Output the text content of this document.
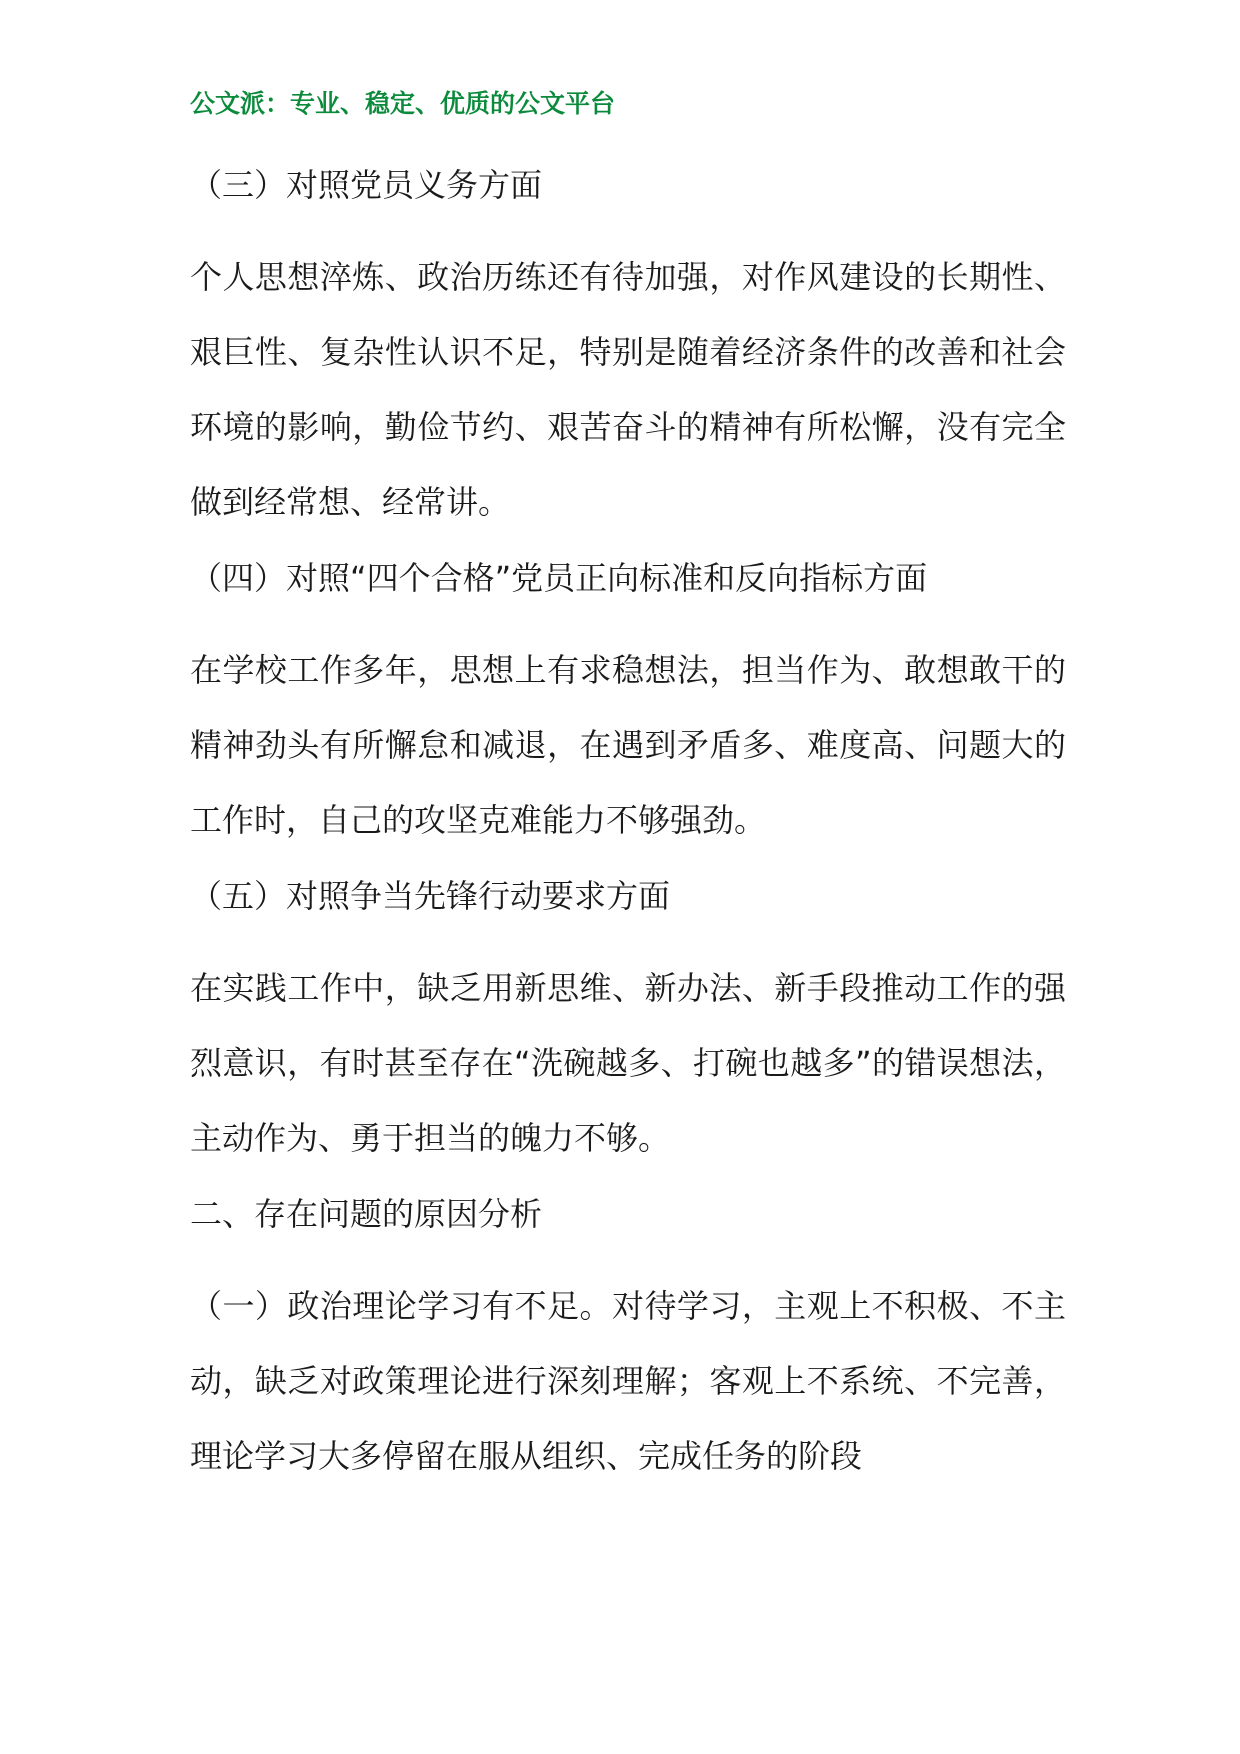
公文派：专业、稳定、优质的公文平台
（三）对照党员义务方面
个人思想淬炼、政治历练还有待加强，对作风建设的长期性、艰巨性、复杂性认识不足，特别是随着经济条件的改善和社会环境的影响，勤俭节约、艰苦奋斗的精神有所松懈，没有完全做到经常想、经常讲。
（四）对照“四个合格”党员正向标准和反向指标方面
在学校工作多年，思想上有求稳想法，担当作为、敢想敢干的精神劲头有所懈怠和减退，在遇到矛盾多、难度高、问题大的工作时，自己的攻坚克难能力不够强劲。
（五）对照争当先锋行动要求方面
在实践工作中，缺乏用新思维、新办法、新手段推动工作的强烈意识，有时甚至存在“洗碗越多、打碗也越多”的错误想法，主动作为、勇于担当的魄力不够。
二、存在问题的原因分析
（一）政治理论学习有不足。对待学习，主观上不积极、不主动，缺乏对政策理论进行深刻理解；客观上不系统、不完善，理论学习大多停留在服从组织、完成任务的阶段
